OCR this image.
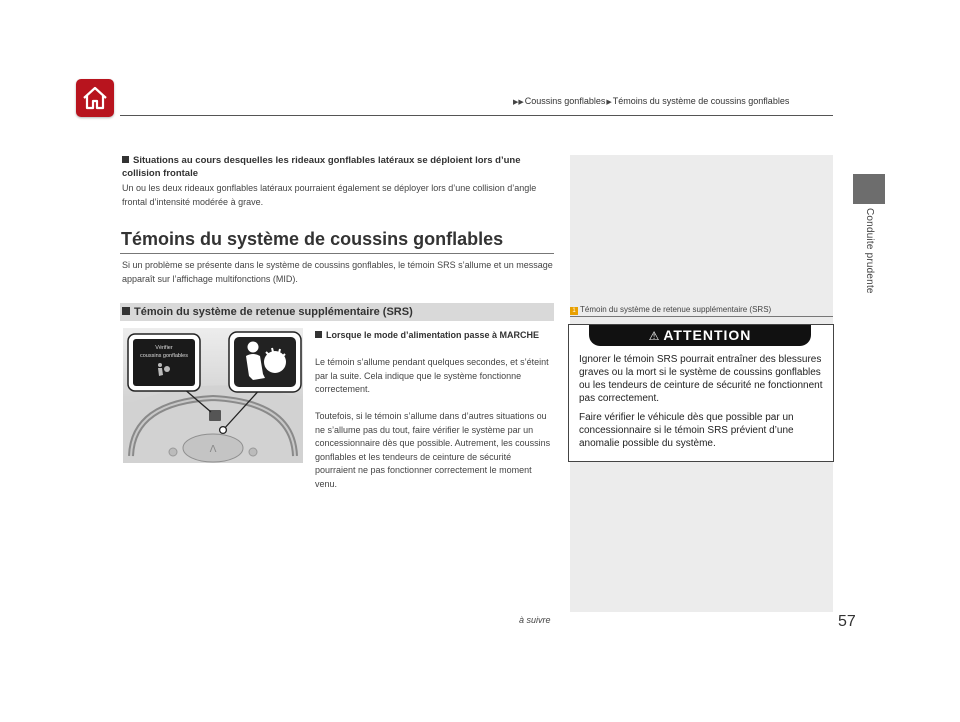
▶▶Coussins gonflables▶Témoins du système de coussins gonflables
Conduite prudente
Situations au cours desquelles les rideaux gonflables latéraux se déploient lors d’une collision frontale
Un ou les deux rideaux gonflables latéraux pourraient également se déployer lors d’une collision d’angle frontal d’intensité modérée à grave.
Témoins du système de coussins gonflables
Si un problème se présente dans le système de coussins gonflables, le témoin SRS s’allume et un message apparaît sur l’affichage multifonctions (MID).
Témoin du système de retenue supplémentaire (SRS)
Λ
Vérifier
coussins gonflables
Lorsque le mode d’alimentation passe à MARCHE
Le témoin s’allume pendant quelques secondes, et s’éteint par la suite. Cela indique que le système fonctionne correctement.
Toutefois, si le témoin s’allume dans d’autres situations ou ne s’allume pas du tout, faire vérifier le système par un concessionnaire dès que possible. Autrement, les coussins gonflables et les tendeurs de ceinture de sécurité pourraient ne pas fonctionner correctement le moment venu.
1 Témoin du système de retenue supplémentaire (SRS)
⚠ ATTENTION

Ignorer le témoin SRS pourrait entraîner des blessures graves ou la mort si le système de coussins gonflables ou les tendeurs de ceinture de sécurité ne fonctionnent pas correctement.

Faire vérifier le véhicule dès que possible par un concessionnaire si le témoin SRS prévient d’une anomalie possible du système.

à suivre	57
